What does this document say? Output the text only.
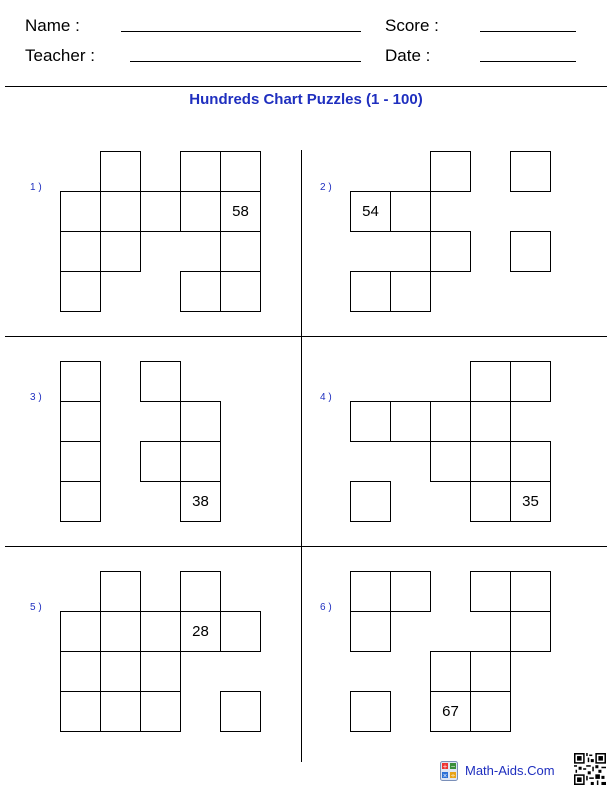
Name :	Score :
Teacher :	Date :
Hundreds Chart Puzzles (1 - 100)
1 )	2 )
3 )	4 )
5 )	6 )
58	54
38	35
28
67
+ −
× ÷ Math-Aids.Com
